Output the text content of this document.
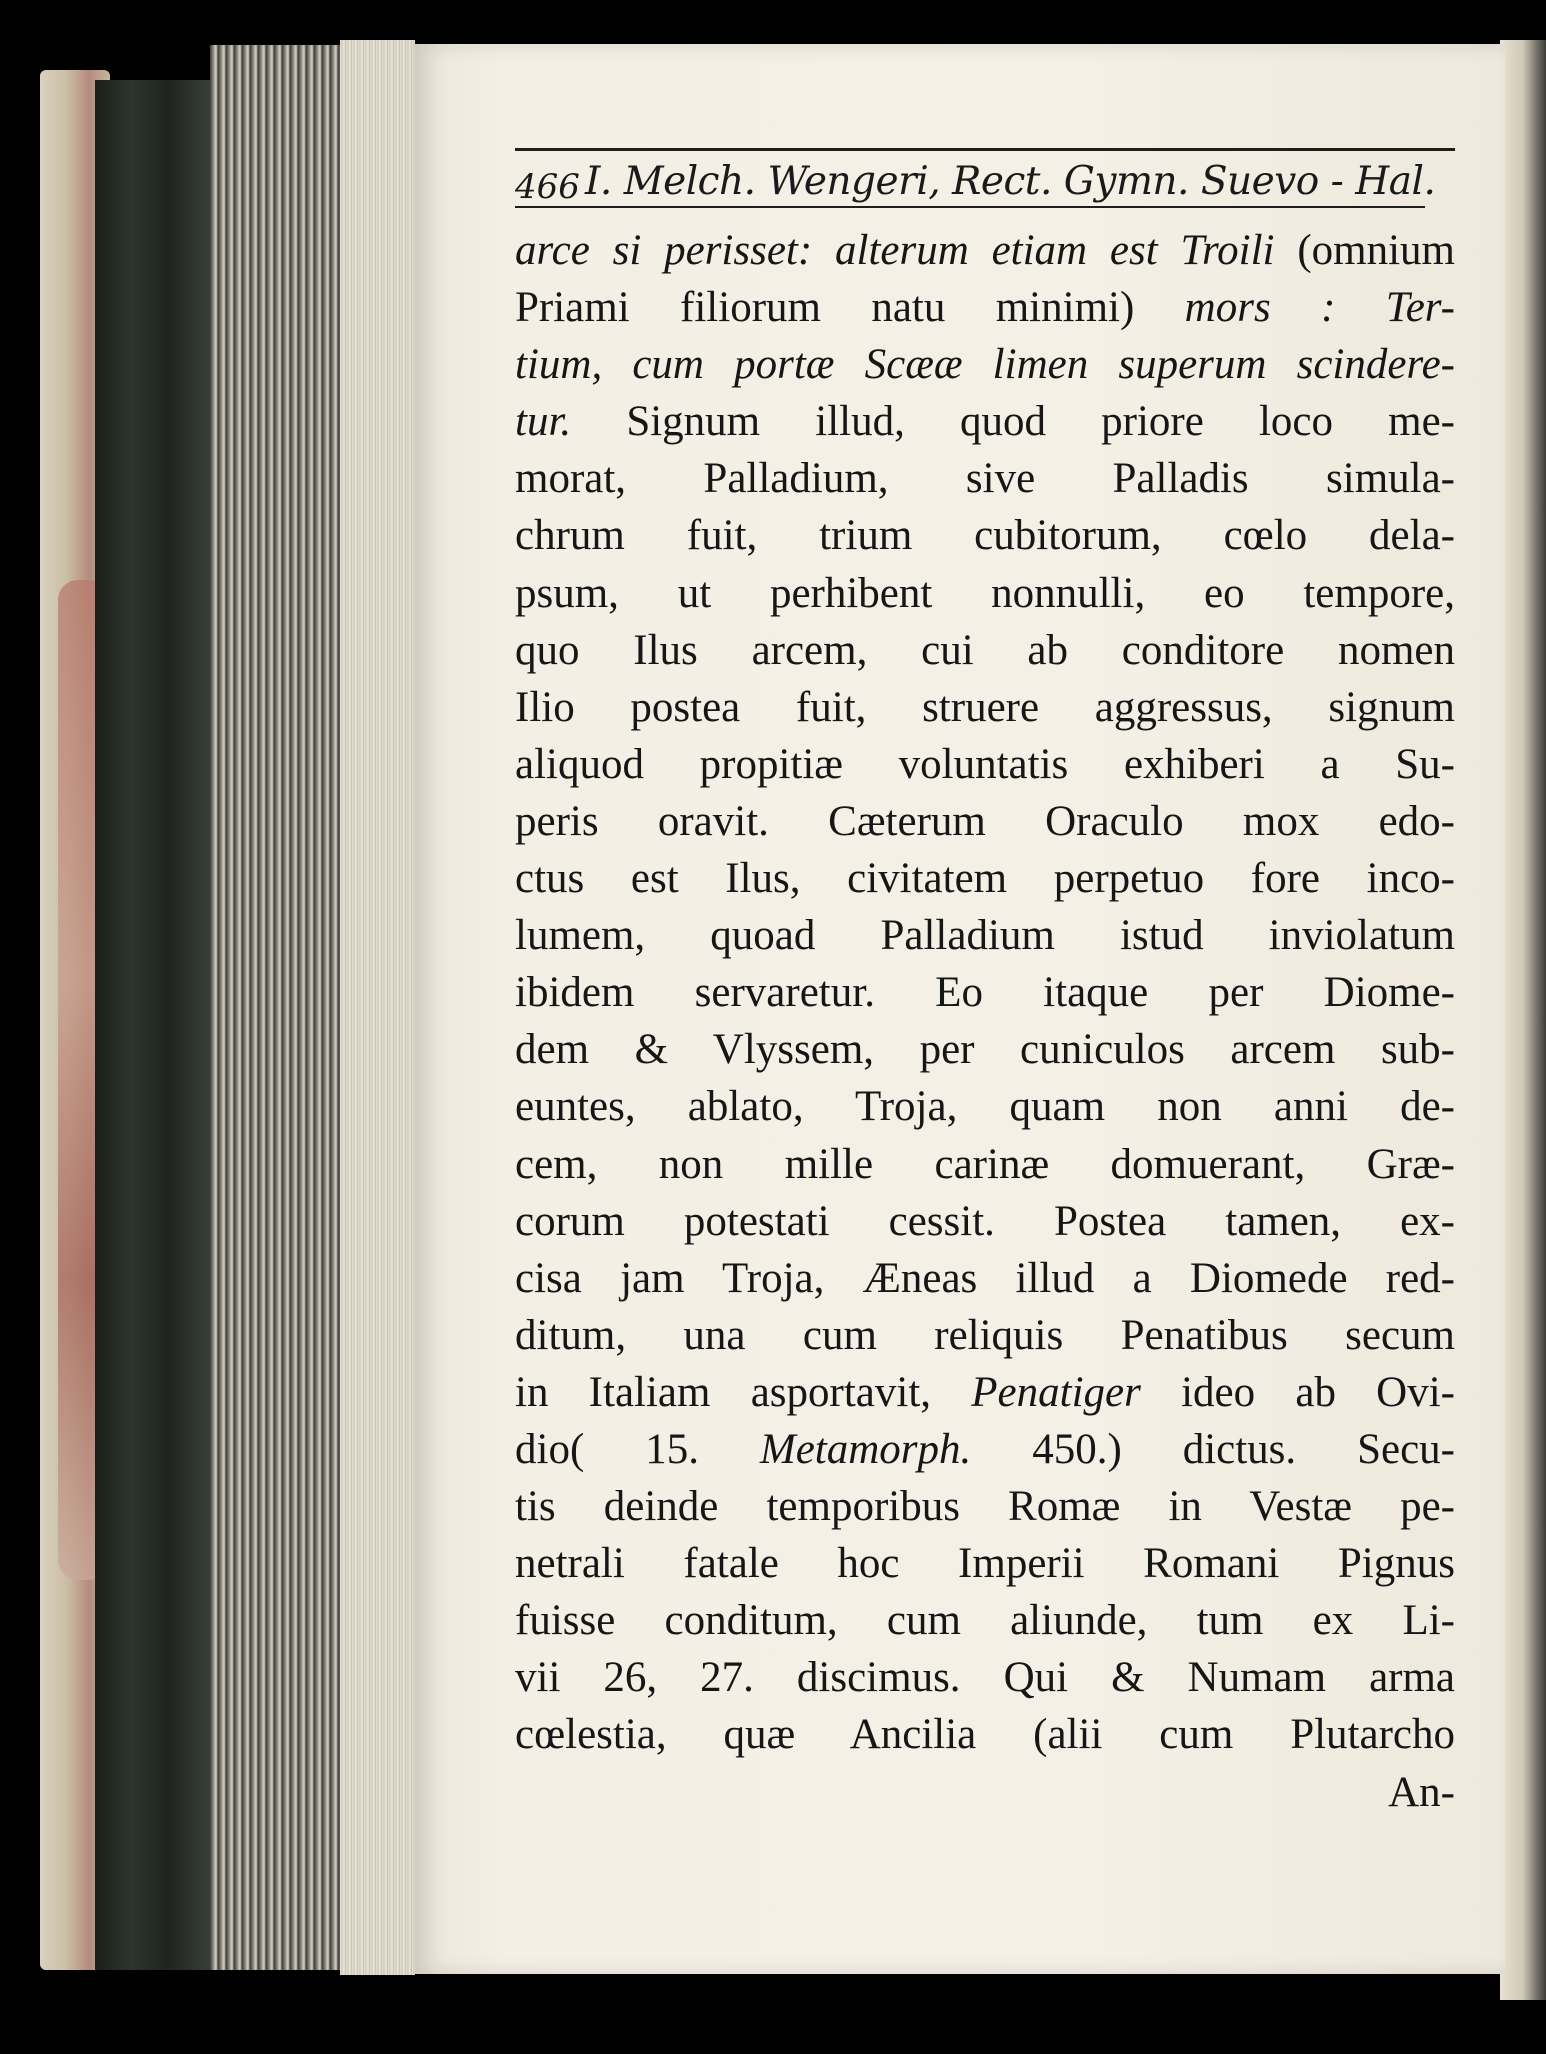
466 I. Melch. Wengeri, Rect. Gymn. Suevo - Hal.
arce si perisset: alterum etiam est Troili (omnium
Priami filiorum natu minimi) mors : Ter-
tium, cum portæ Scææ limen superum scindere-
tur. Signum illud, quod priore loco me-
morat, Palladium, sive Palladis simula-
chrum fuit, trium cubitorum, cœlo dela-
psum, ut perhibent nonnulli, eo tempore,
quo Ilus arcem, cui ab conditore nomen
Ilio postea fuit, struere aggressus, signum
aliquod propitiæ voluntatis exhiberi a Su-
peris oravit. Cæterum Oraculo mox edo-
ctus est Ilus, civitatem perpetuo fore inco-
lumem, quoad Palladium istud inviolatum
ibidem servaretur. Eo itaque per Diome-
dem & Vlyssem, per cuniculos arcem sub-
euntes, ablato, Troja, quam non anni de-
cem, non mille carinæ domuerant, Græ-
corum potestati cessit. Postea tamen, ex-
cisa jam Troja, Æneas illud a Diomede red-
ditum, una cum reliquis Penatibus secum
in Italiam asportavit, Penatiger ideo ab Ovi-
dio( 15. Metamorph. 450.) dictus. Secu-
tis deinde temporibus Romæ in Vestæ pe-
netrali fatale hoc Imperii Romani Pignus
fuisse conditum, cum aliunde, tum ex Li-
vii 26, 27. discimus. Qui & Numam arma
cœlestia, quæ Ancilia (alii cum Plutarcho
An-
